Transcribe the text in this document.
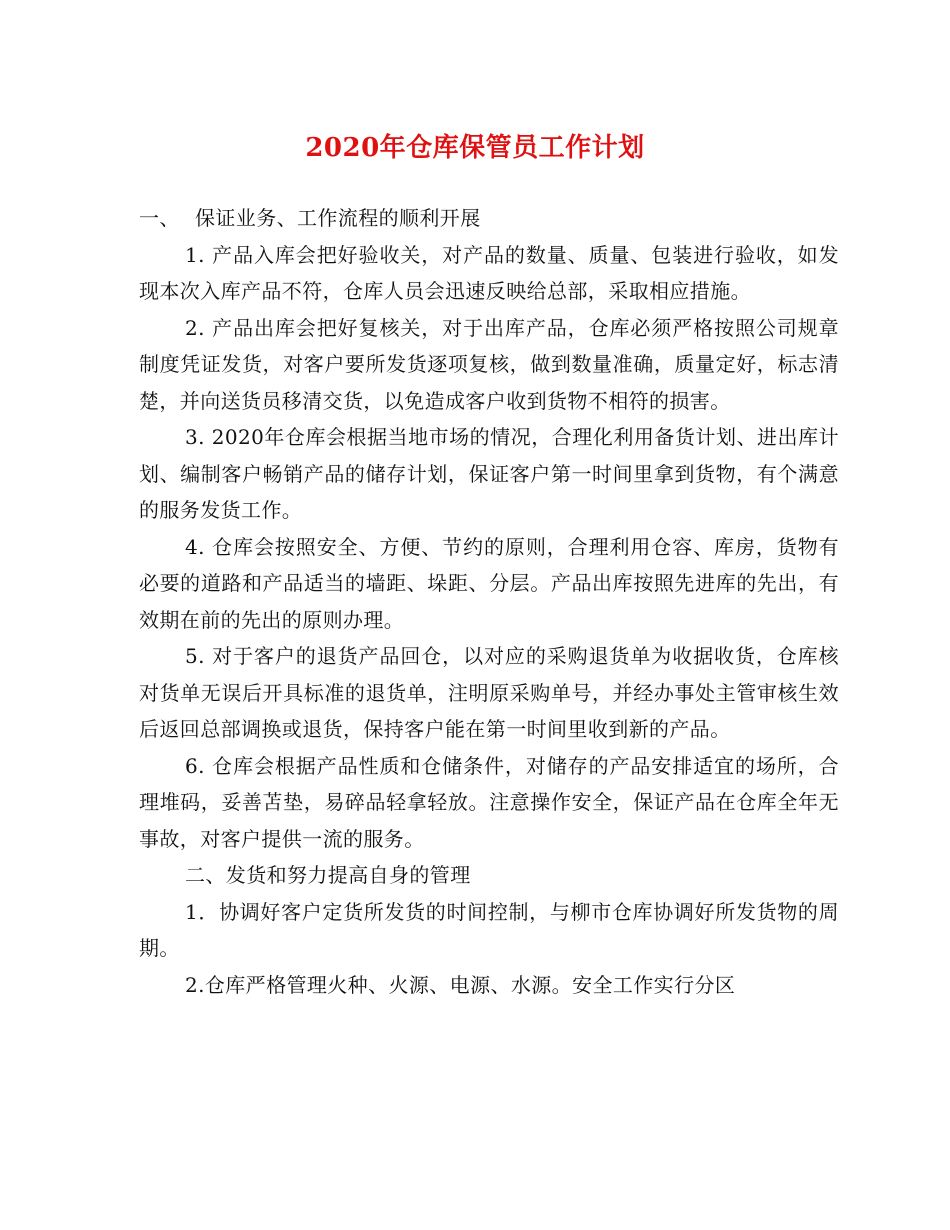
2020年仓库保管员工作计划

一、 保证业务、工作流程的顺利开展

1. 产品入库会把好验收关，对产品的数量、质量、包装进行验收，如发现本次入库产品不符，仓库人员会迅速反映给总部，采取相应措施。

2. 产品出库会把好复核关，对于出库产品，仓库必须严格按照公司规章制度凭证发货，对客户要所发货逐项复核，做到数量准确，质量定好，标志清楚，并向送货员移清交货，以免造成客户收到货物不相符的损害。

3. 2020年仓库会根据当地市场的情况，合理化利用备货计划、进出库计划、编制客户畅销产品的储存计划，保证客户第一时间里拿到货物，有个满意的服务发货工作。

4. 仓库会按照安全、方便、节约的原则，合理利用仓容、库房，货物有必要的道路和产品适当的墙距、垛距、分层。产品出库按照先进库的先出，有效期在前的先出的原则办理。

5. 对于客户的退货产品回仓，以对应的采购退货单为收据收货，仓库核对货单无误后开具标准的退货单，注明原采购单号，并经办事处主管审核生效后返回总部调换或退货，保持客户能在第一时间里收到新的产品。

6. 仓库会根据产品性质和仓储条件，对储存的产品安排适宜的场所，合理堆码，妥善苫垫，易碎品轻拿轻放。注意操作安全，保证产品在仓库全年无事故，对客户提供一流的服务。

二、发货和努力提高自身的管理

1．协调好客户定货所发货的时间控制，与柳市仓库协调好所发货物的周期。

2.仓库严格管理火种、火源、电源、水源。安全工作实行分区
